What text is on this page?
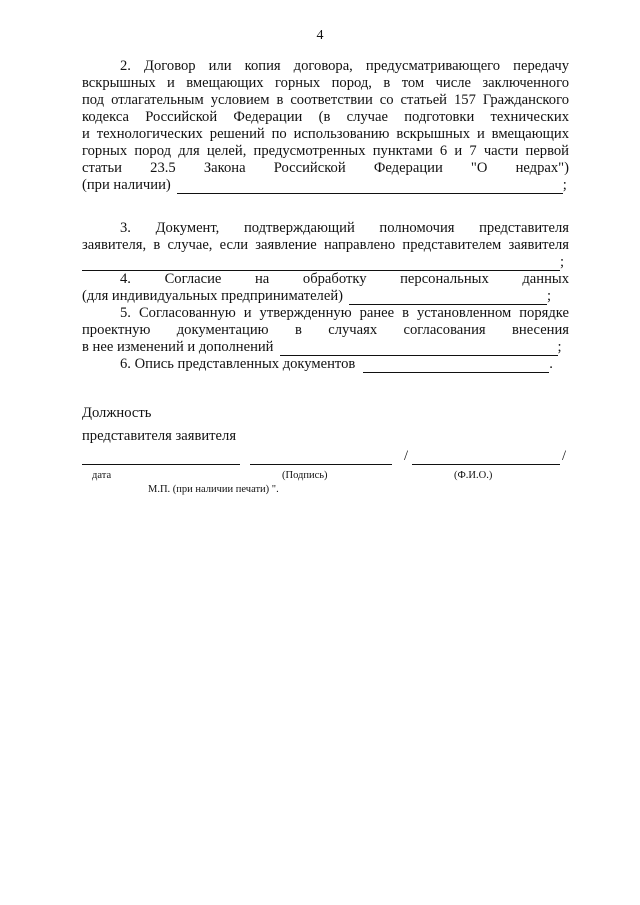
4

2. Договор или копия договора, предусматривающего передачу

вскрышных и вмещающих горных пород, в том числе заключенного

под отлагательным условием в соответствии со статьей 157 Гражданского

кодекса Российской Федерации (в случае подготовки технических

и технологических решений по использованию вскрышных и вмещающих

горных пород для целей, предусмотренных пунктами 6 и 7 части первой

статьи 23.5 Закона Российской Федерации "О недрах")

(при наличии)	;

3. Документ, подтверждающий полномочия представителя

заявителя, в случае, если заявление направлено представителем заявителя

;

4. Согласие на обработку персональных данных

(для индивидуальных предпринимателей)	;

5. Согласованную и утвержденную ранее в установленном порядке

проектную документацию в случаях согласования внесения

в нее изменений и дополнений	;
6. Опись представленных документов	.
Должность
представителя заявителя
/	/
дата	(Подпись)	(Ф.И.О.)
М.П. (при наличии печати) ".
